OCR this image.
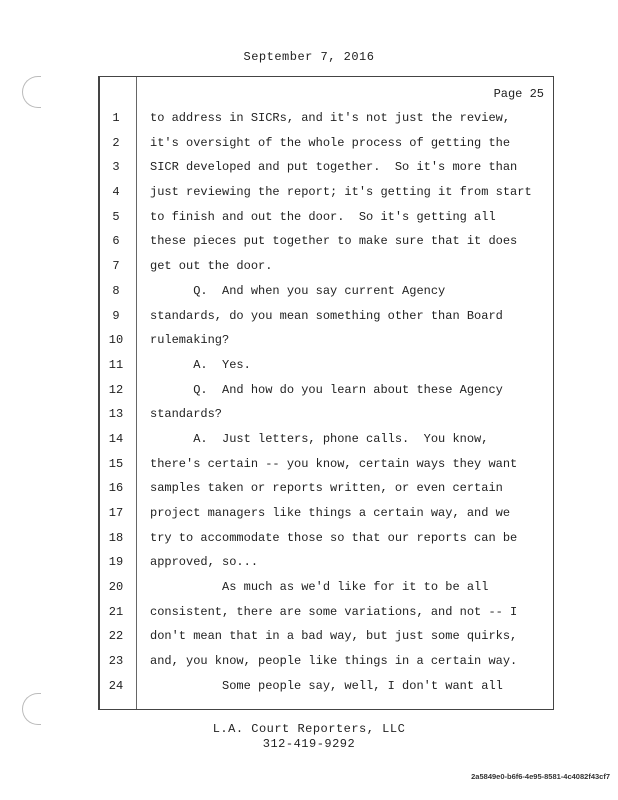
September 7, 2016
Page 25
1	to address in SICRs, and it's not just the review,
2	it's oversight of the whole process of getting the
3	SICR developed and put together.  So it's more than
4	just reviewing the report; it's getting it from start
5	to finish and out the door.  So it's getting all
6	these pieces put together to make sure that it does
7	get out the door.
8	Q.  And when you say current Agency
9	standards, do you mean something other than Board
10	rulemaking?
11	A.  Yes.
12	Q.  And how do you learn about these Agency
13	standards?
14	A.  Just letters, phone calls.  You know,
15	there's certain -- you know, certain ways they want
16	samples taken or reports written, or even certain
17	project managers like things a certain way, and we
18	try to accommodate those so that our reports can be
19	approved, so...
20	As much as we'd like for it to be all
21	consistent, there are some variations, and not -- I
22	don't mean that in a bad way, but just some quirks,
23	and, you know, people like things in a certain way.
24	Some people say, well, I don't want all
L.A. Court Reporters, LLC
312-419-9292
2a5849e0-b6f6-4e95-8581-4c4082f43cf7
